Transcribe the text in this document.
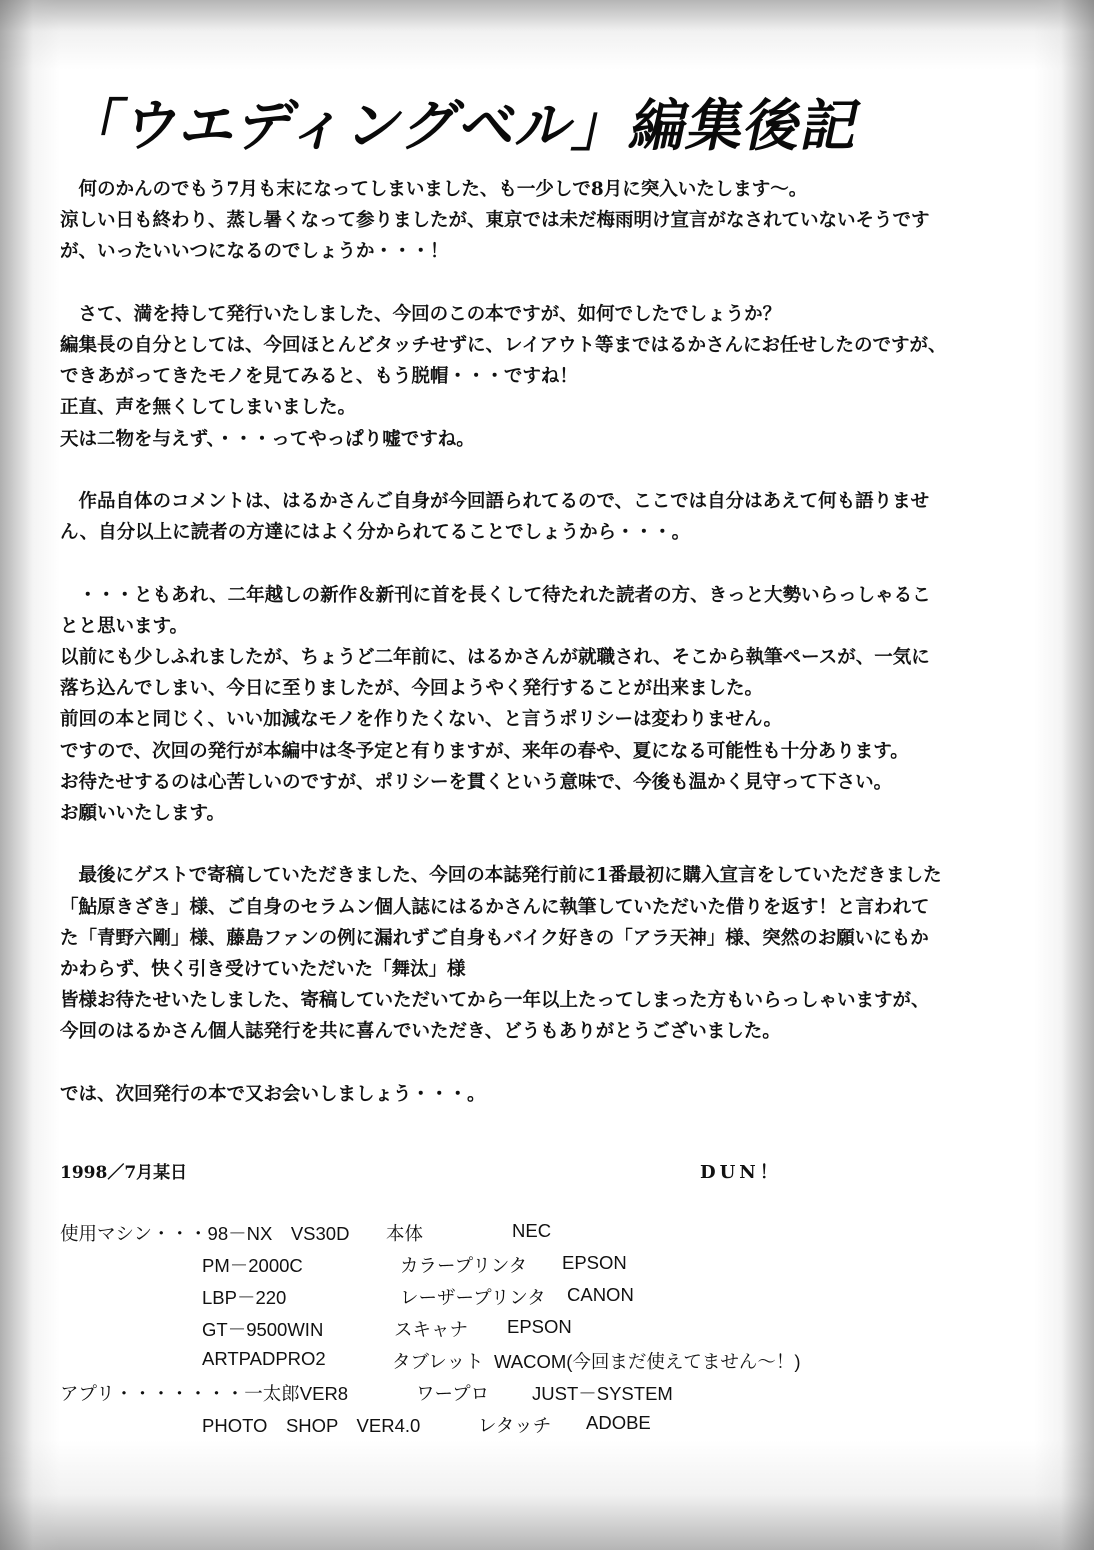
「ウエディングベル」編集後記
　何のかんのでもう7月も末になってしまいました、も一少しで8月に突入いたします～。
涼しい日も終わり、蒸し暑くなって参りましたが、東京では未だ梅雨明け宣言がなされていないそうです
が、いったいいつになるのでしょうか・・・！
　さて、満を持して発行いたしました、今回のこの本ですが、如何でしたでしょうか？
編集長の自分としては、今回ほとんどタッチせずに、レイアウト等まではるかさんにお任せしたのですが、
できあがってきたモノを見てみると、もう脱帽・・・ですね！
正直、声を無くしてしまいました。
天は二物を与えず、・・・ってやっぱり嘘ですね。
　作品自体のコメントは、はるかさんご自身が今回語られてるので、ここでは自分はあえて何も語りませ
ん、自分以上に読者の方達にはよく分かられてることでしょうから・・・。
　・・・ともあれ、二年越しの新作＆新刊に首を長くして待たれた読者の方、きっと大勢いらっしゃるこ
とと思います。
以前にも少しふれましたが、ちょうど二年前に、はるかさんが就職され、そこから執筆ペースが、一気に
落ち込んでしまい、今日に至りましたが、今回ようやく発行することが出来ました。
前回の本と同じく、いい加減なモノを作りたくない、と言うポリシーは変わりません。
ですので、次回の発行が本編中は冬予定と有りますが、来年の春や、夏になる可能性も十分あります。
お待たせするのは心苦しいのですが、ポリシーを貫くという意味で、今後も温かく見守って下さい。
お願いいたします。
　最後にゲストで寄稿していただきました、今回の本誌発行前に1番最初に購入宣言をしていただきました
「鮎原きざき」様、ご自身のセラムン個人誌にはるかさんに執筆していただいた借りを返す！と言われて
た「青野六剛」様、藤島ファンの例に漏れずご自身もバイク好きの「アラ天神」様、突然のお願いにもか
かわらず、快く引き受けていただいた「舞汰」様
皆様お待たせいたしました、寄稿していただいてから一年以上たってしまった方もいらっしゃいますが、
今回のはるかさん個人誌発行を共に喜んでいただき、どうもありがとうございました。
では、次回発行の本で又お会いしましょう・・・。
1998／7月某日	DUN！
使用マシン・・・98－NX　VS30D 本体	NEC
PM－2000C	カラープリンタ EPSON
LBP－220	レーザープリンタ CANON
GT－9500WIN	スキャナ EPSON
ARTPADPRO2	タブレット WACOM(今回まだ使えてません～！)
アプリ・・・・・・・一太郎VER8	ワープロ JUST－SYSTEM
PHOTO　SHOP　VER4.0	レタッチ ADOBE
